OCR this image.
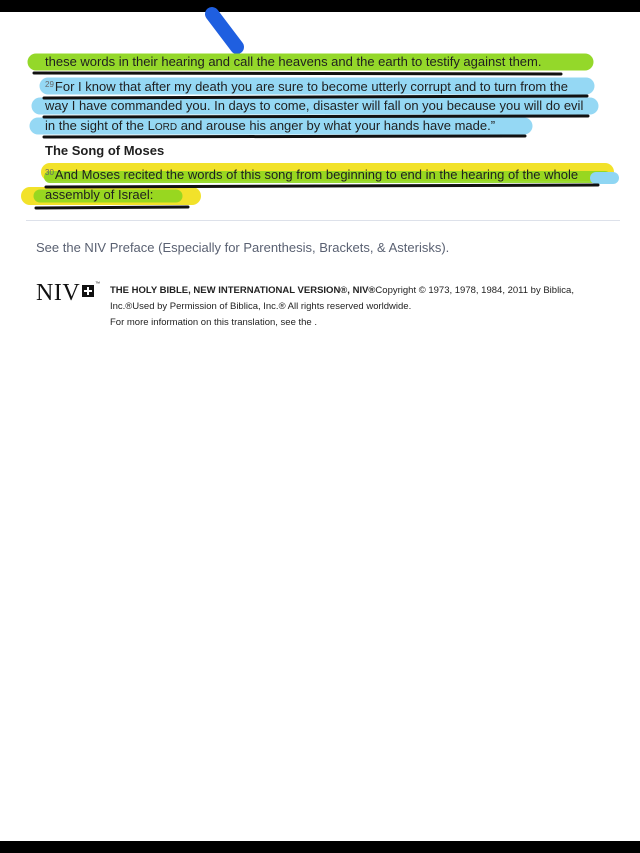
these words in their hearing and call the heavens and the earth to testify against them.
$^{29}$For I know that after my death you are sure to become utterly corrupt and to turn from the
way I have commanded you. In days to come, disaster will fall on you because you will do evil
in the sight of the LORD and arouse his anger by what your hands have made.”
The Song of Moses
$^{30}$And Moses recited the words of this song from beginning to end in the hearing of the whole
assembly of Israel:
See the NIV Preface (Especially for Parenthesis, Brackets, & Asterisks).
NIV	™
THE HOLY BIBLE, NEW INTERNATIONAL VERSION®, NIV®Copyright © 1973, 1978, 1984, 2011 by Biblica,
Inc.®Used by Permission of Biblica, Inc.® All rights reserved worldwide.
For more information on this translation, see the .
